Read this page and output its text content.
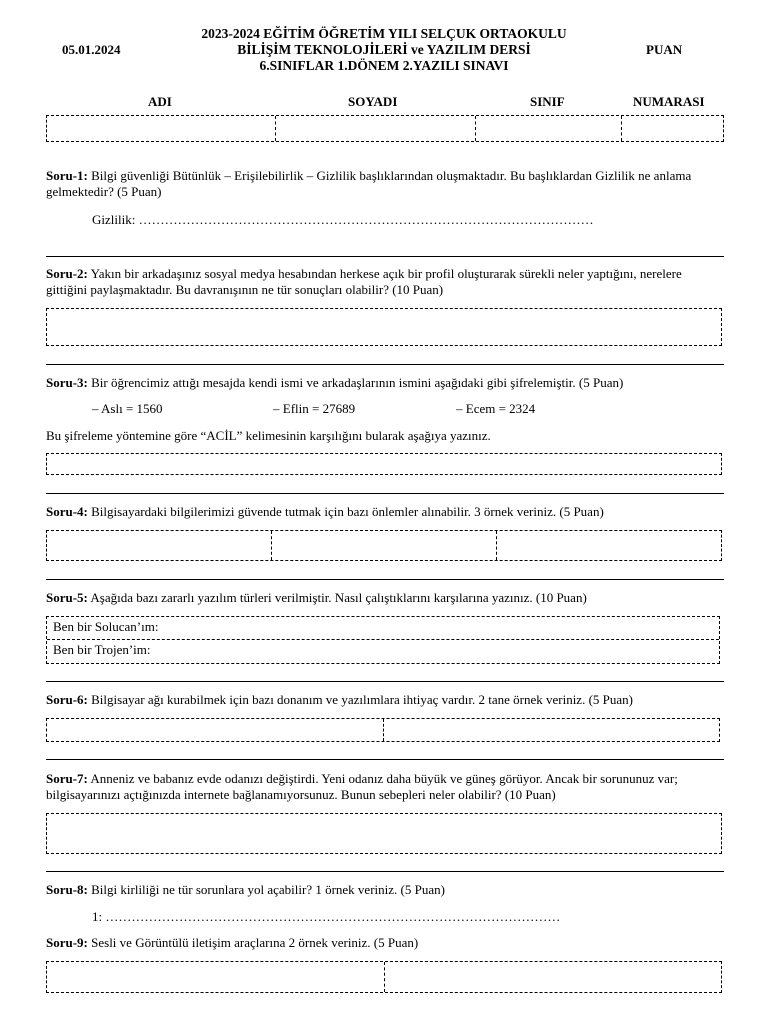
2023-2024 EĞİTİM ÖĞRETİM YILI SELÇUK ORTAOKULU
BİLİŞİM TEKNOLOJİLERİ ve YAZILIM DERSİ
6.SINIFLAR 1.DÖNEM 2.YAZILI SINAVI
05.01.2024	PUAN
ADI	SOYADI	SINIF	NUMARASI
Soru-1: Bilgi güvenliği Bütünlük – Erişilebilirlik – Gizlilik başlıklarından oluşmaktadır. Bu başlıklardan Gizlilik ne anlama gelmektedir? (5 Puan)
Gizlilik: ……………………………………………………………………………………………
Soru-2: Yakın bir arkadaşınız sosyal medya hesabından herkese açık bir profil oluşturarak sürekli neler yaptığını, nerelere gittiğini paylaşmaktadır. Bu davranışının ne tür sonuçları olabilir? (10 Puan)
Soru-3: Bir öğrencimiz attığı mesajda kendi ismi ve arkadaşlarının ismini aşağıdaki gibi şifrelemiştir. (5 Puan)
– Aslı = 1560	– Eflin = 27689	– Ecem = 2324
Bu şifreleme yöntemine göre “ACİL” kelimesinin karşılığını bularak aşağıya yazınız.
Soru-4: Bilgisayardaki bilgilerimizi güvende tutmak için bazı önlemler alınabilir. 3 örnek veriniz. (5 Puan)
Soru-5: Aşağıda bazı zararlı yazılım türleri verilmiştir. Nasıl çalıştıklarını karşılarına yazınız. (10 Puan)
Ben bir Solucan’ım:
Ben bir Trojen’im:
Soru-6: Bilgisayar ağı kurabilmek için bazı donanım ve yazılımlara ihtiyaç vardır. 2 tane örnek veriniz. (5 Puan)
Soru-7: Anneniz ve babanız evde odanızı değiştirdi. Yeni odanız daha büyük ve güneş görüyor. Ancak bir sorununuz var; bilgisayarınızı açtığınızda internete bağlanamıyorsunuz. Bunun sebepleri neler olabilir? (10 Puan)
Soru-8: Bilgi kirliliği ne tür sorunlara yol açabilir? 1 örnek veriniz. (5 Puan)
1: ……………………………………………………………………………………………
Soru-9: Sesli ve Görüntülü iletişim araçlarına 2 örnek veriniz. (5 Puan)
